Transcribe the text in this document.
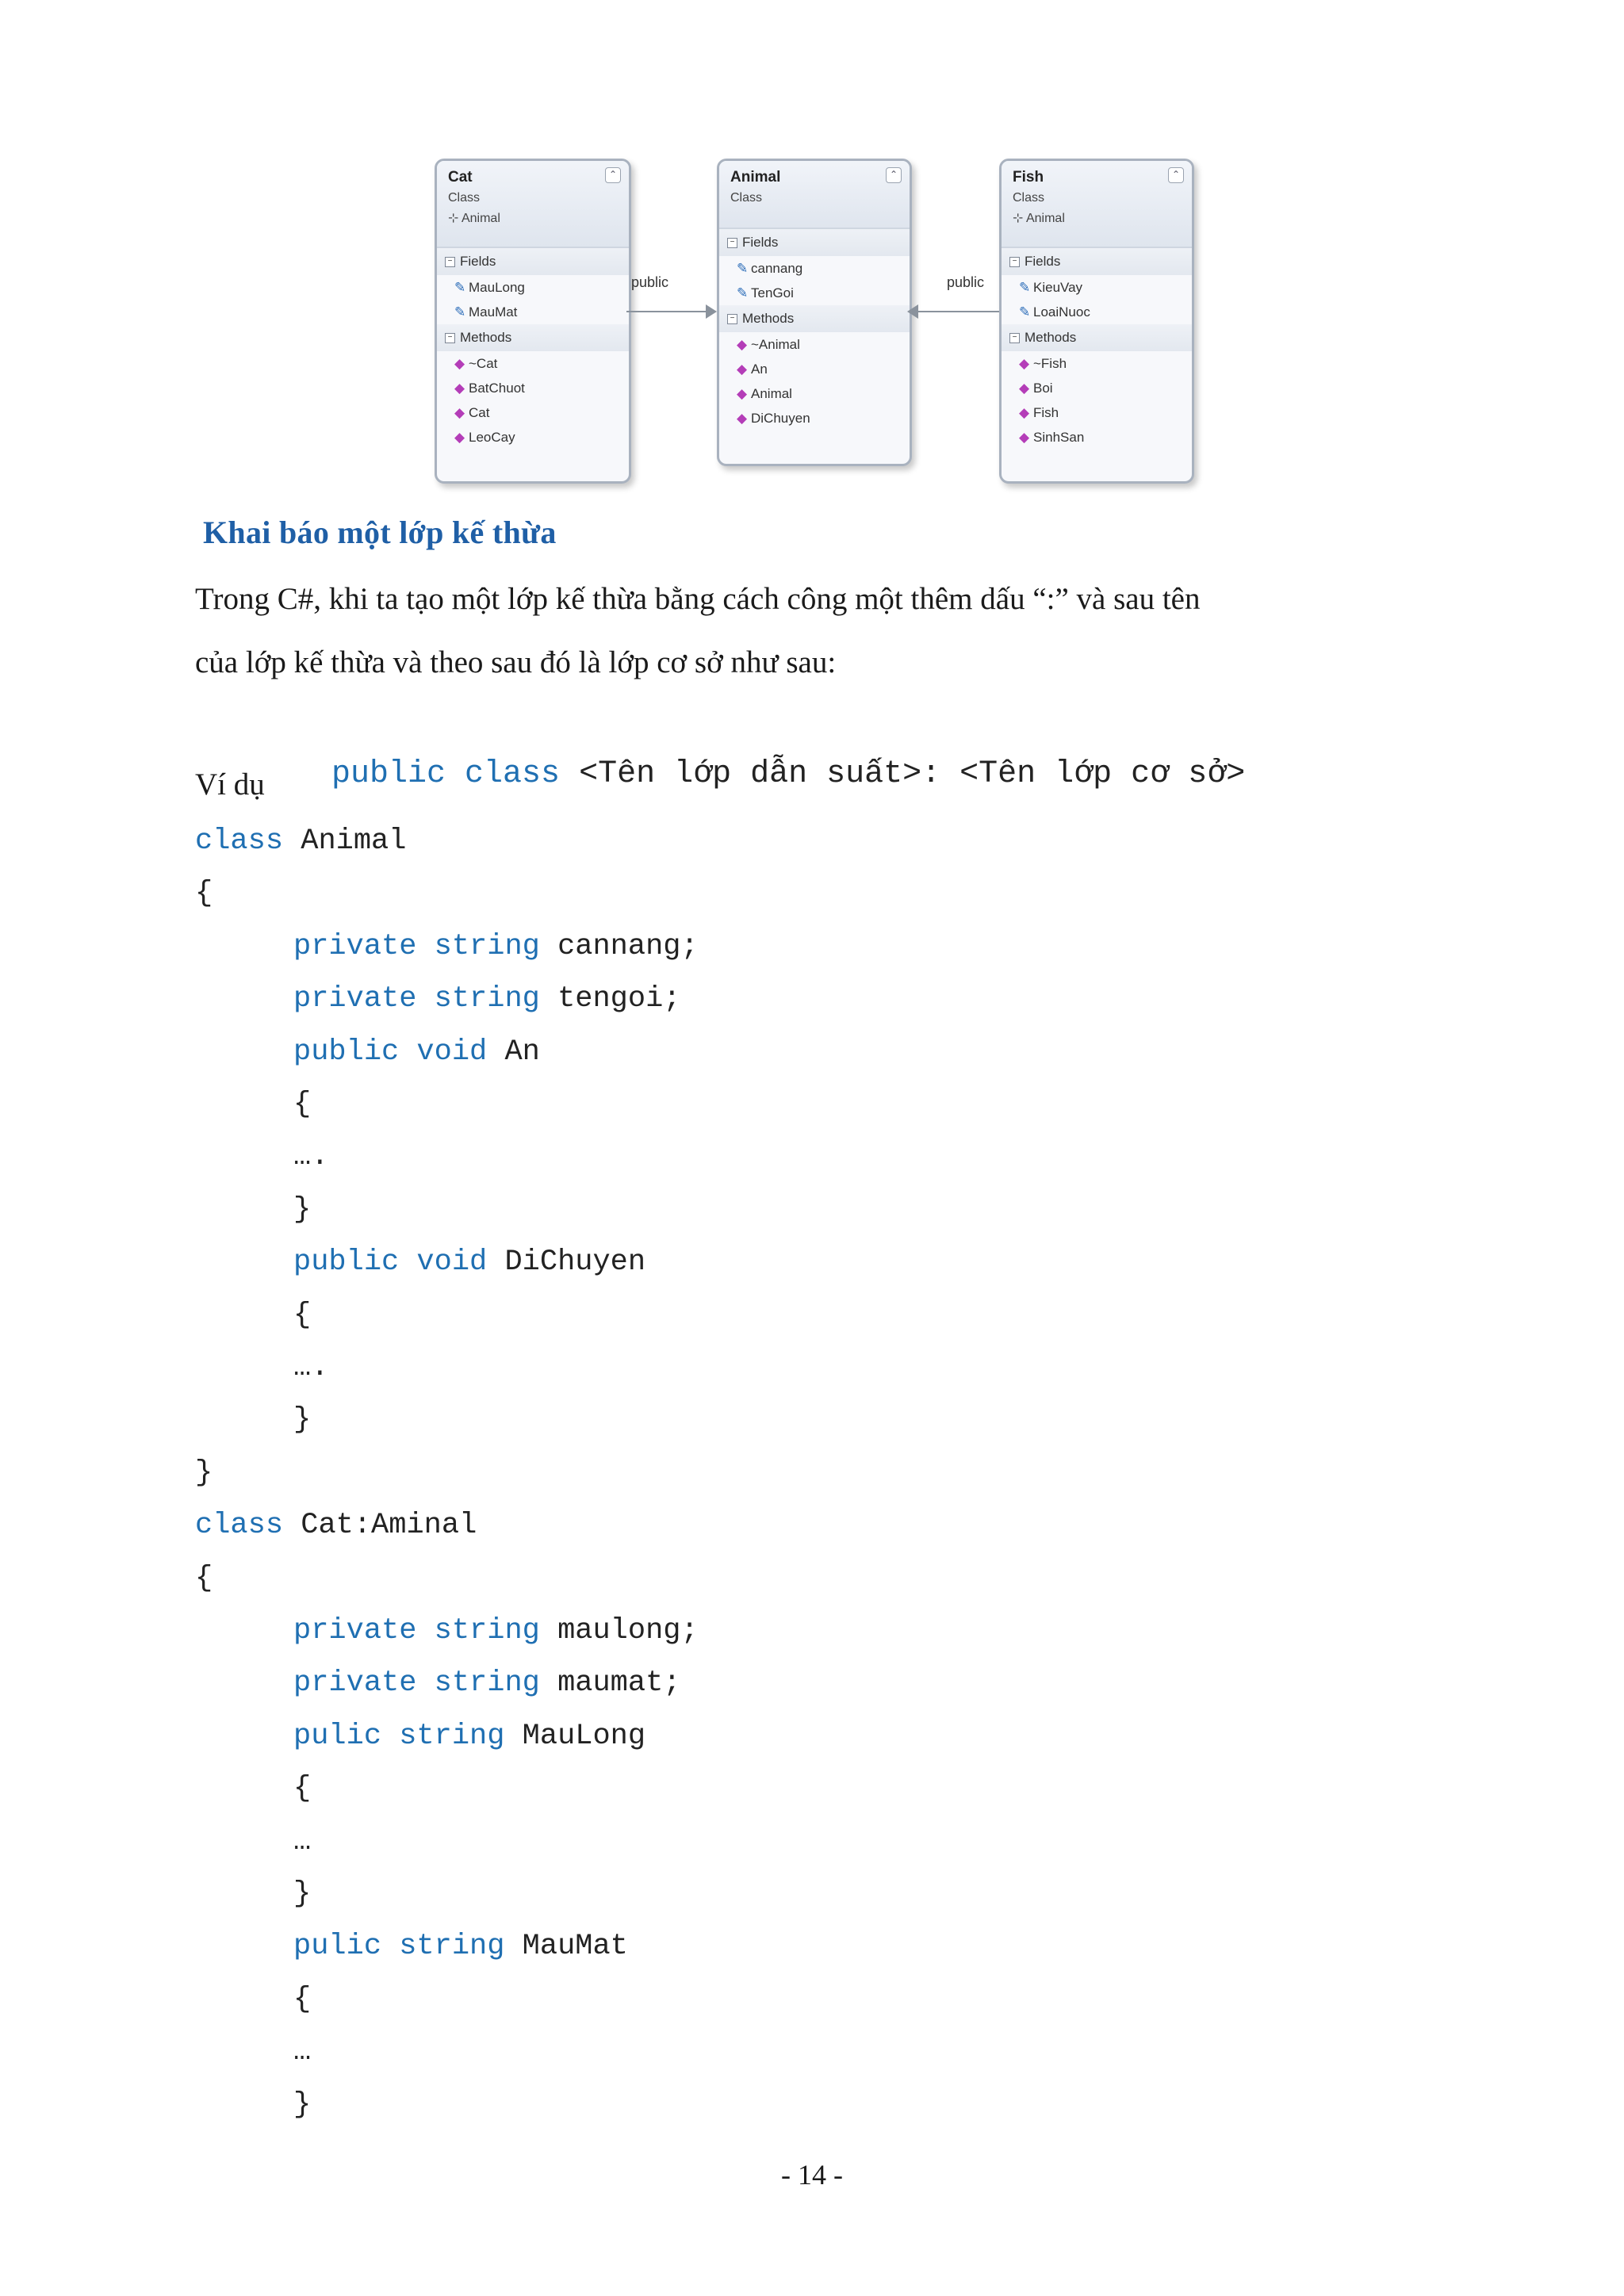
Cat
Class
⊹ Animal
⌃
− Fields
✎ MauLong
✎ MauMat
− Methods
◆ ~Cat
◆ BatChuot
◆ Cat
◆ LeoCay
Animal
Class
⌃
− Fields
✎ cannang
✎ TenGoi
− Methods
◆ ~Animal
◆ An
◆ Animal
◆ DiChuyen
Fish
Class
⊹ Animal
⌃
− Fields
✎ KieuVay
✎ LoaiNuoc
− Methods
◆ ~Fish
◆ Boi
◆ Fish
◆ SinhSan
public	public
Khai báo một lớp kế thừa
Trong C#, khi ta tạo một lớp kế thừa bằng cách công một thêm dấu “:” và sau tên
của lớp kế thừa và theo sau đó là lớp cơ sở như sau:

public class <Tên lớp dẫn suất>: <Tên lớp cơ sở>

Ví dụ
class Animal
{
private string cannang;
private string tengoi;
public void An
{
….
}
public void DiChuyen
{
….
}
}
class Cat:Aminal
{
private string maulong;
private string maumat;
pulic string MauLong
{
…
}
pulic string MauMat
{
…
}
- 14 -
